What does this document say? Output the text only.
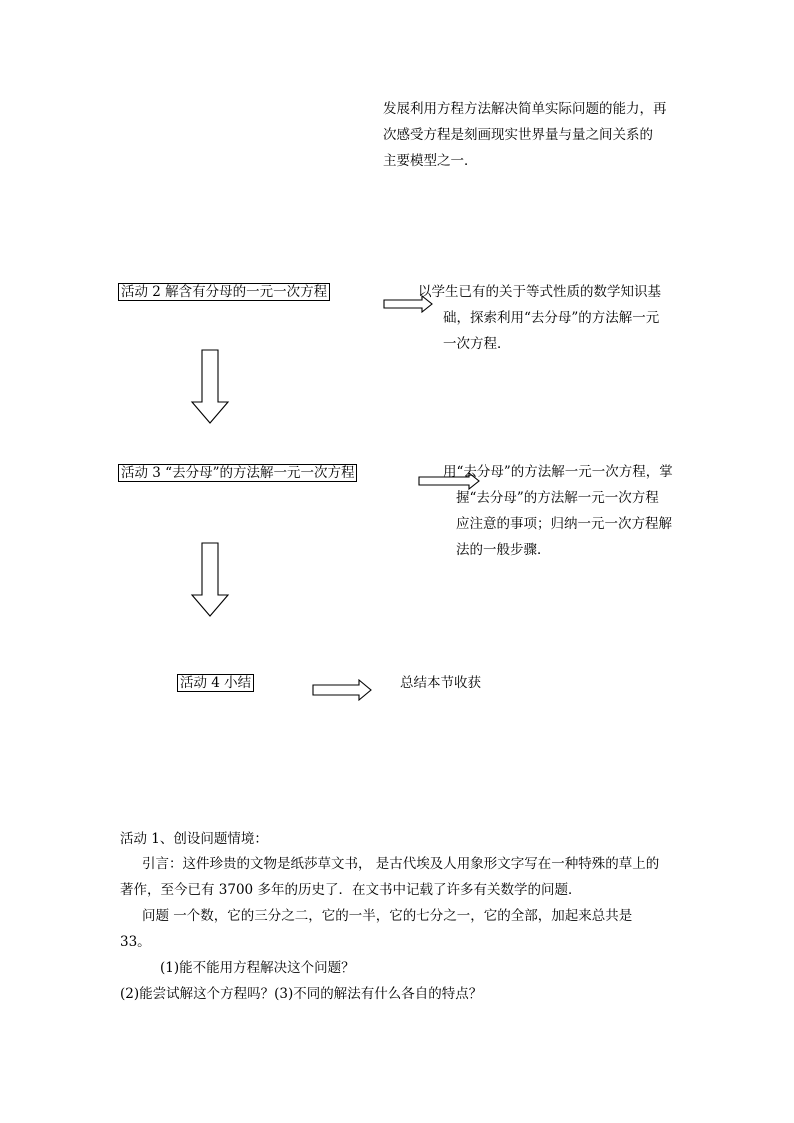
发展利用方程方法解决简单实际问题的能力，再

次感受方程是刻画现实世界量与量之间关系的

主要模型之一．

活动 2 解含有分母的一元一次方程	以学生已有的关于等式性质的数学知识基

础，探索利用“去分母”的方法解一元

一次方程．

活动 3 “去分母”的方法解一元一次方程	用“去分母”的方法解一元一次方程，掌

握“去分母”的方法解一元一次方程

应注意的事项；归纳一元一次方程解

法的一般步骤．

活动 4 小结	总结本节收获

活动 1、创设问题情境：

引言：这件珍贵的文物是纸莎草文书， 是古代埃及人用象形文字写在一种特殊的草上的

著作，至今已有 3700 多年的历史了．在文书中记载了许多有关数学的问题．

问题 一个数，它的三分之二，它的一半，它的七分之一，它的全部，加起来总共是

33。

(1)能不能用方程解决这个问题？

(2)能尝试解这个方程吗？(3)不同的解法有什么各自的特点？
